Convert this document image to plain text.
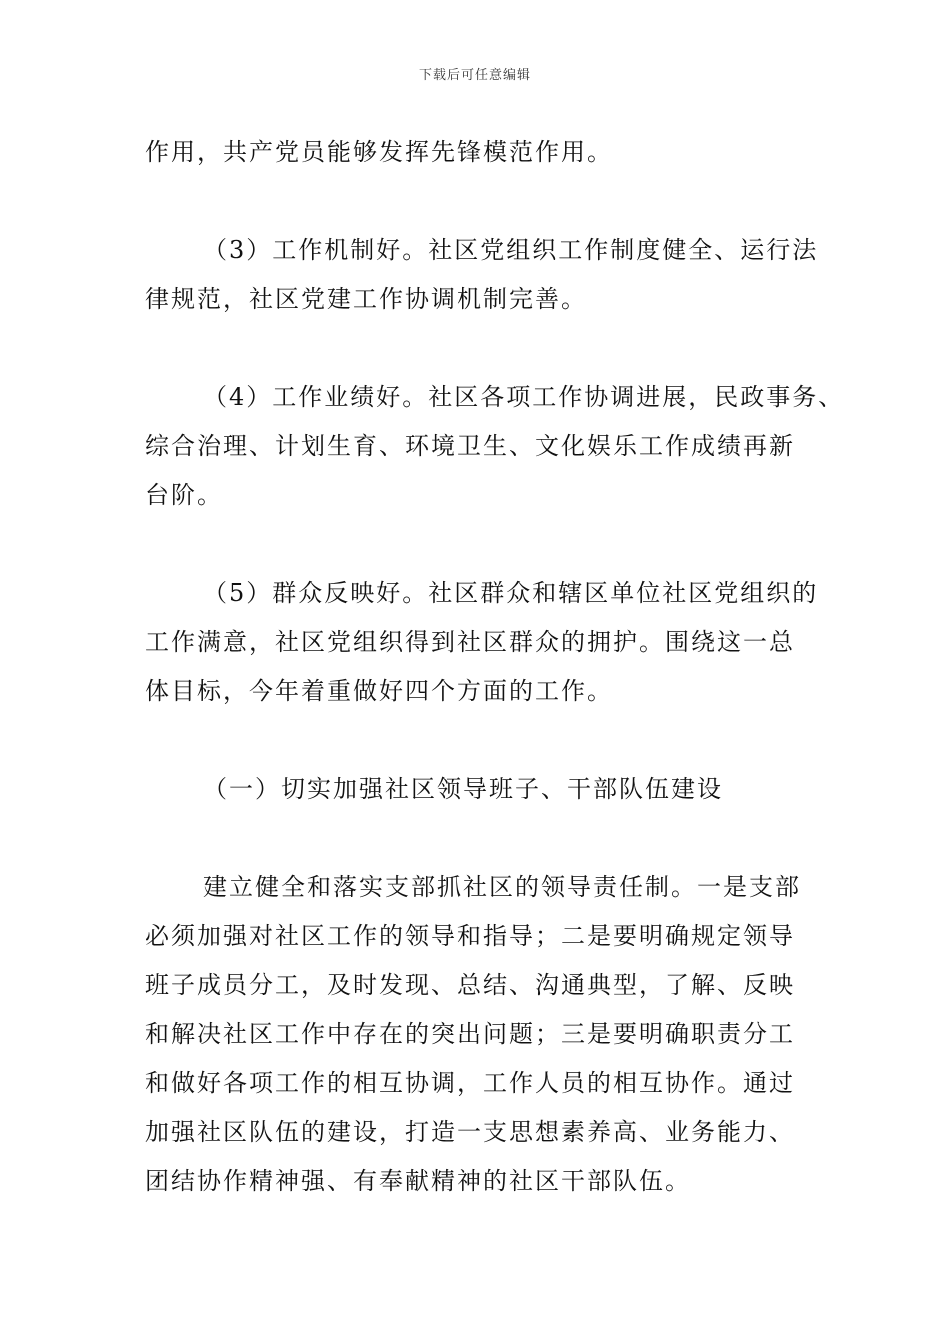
下载后可任意编辑
作用，共产党员能够发挥先锋模范作用。
（3）工作机制好。社区党组织工作制度健全、运行法
律规范，社区党建工作协调机制完善。
（4）工作业绩好。社区各项工作协调进展，民政事务、
综合治理、计划生育、环境卫生、文化娱乐工作成绩再新
台阶。
（5）群众反映好。社区群众和辖区单位社区党组织的
工作满意，社区党组织得到社区群众的拥护。围绕这一总
体目标，今年着重做好四个方面的工作。
（一）切实加强社区领导班子、干部队伍建设
建立健全和落实支部抓社区的领导责任制。一是支部
必须加强对社区工作的领导和指导；二是要明确规定领导
班子成员分工，及时发现、总结、沟通典型，了解、反映
和解决社区工作中存在的突出问题；三是要明确职责分工
和做好各项工作的相互协调，工作人员的相互协作。通过
加强社区队伍的建设，打造一支思想素养高、业务能力、
团结协作精神强、有奉献精神的社区干部队伍。
